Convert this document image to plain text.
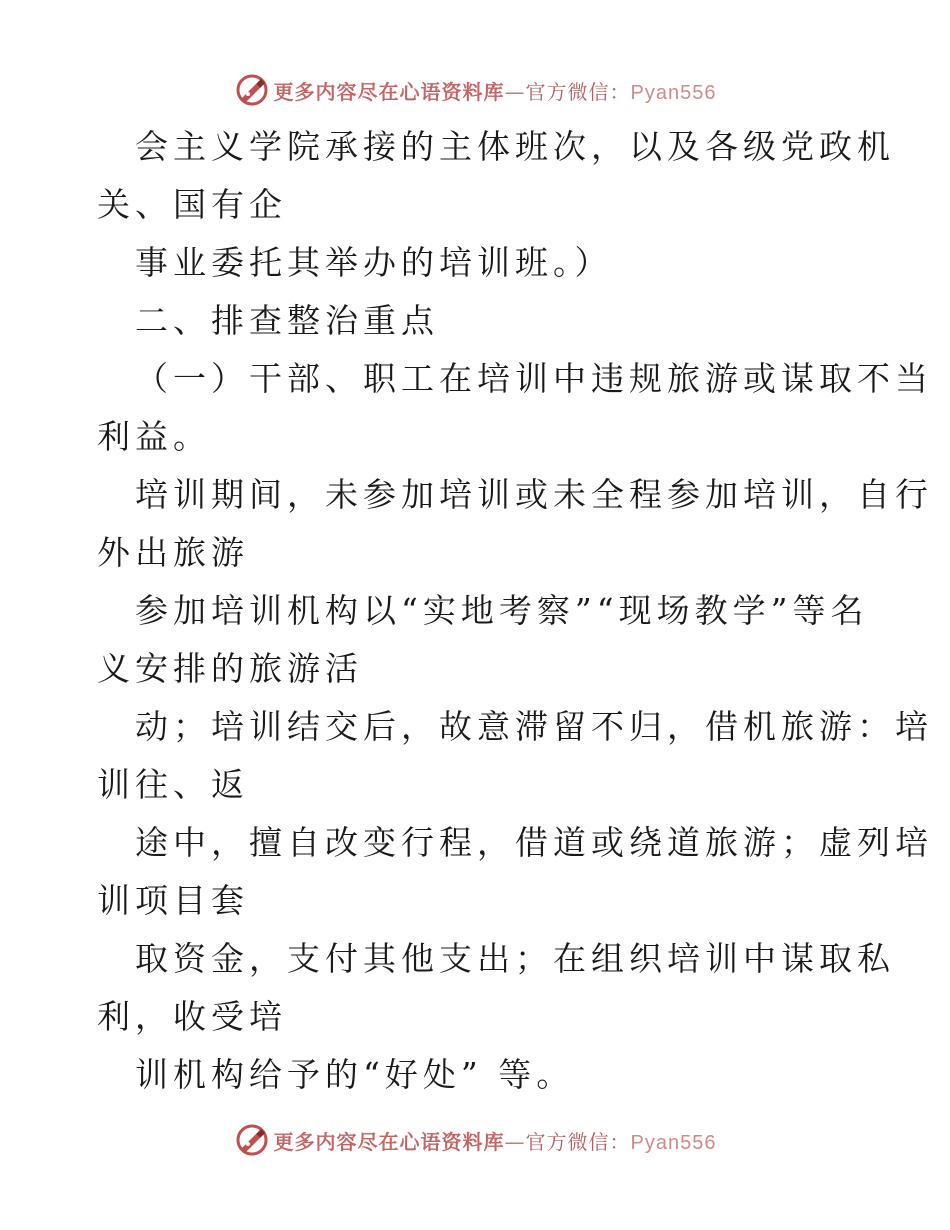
更多内容尽在心语资料库—官方微信：Pyan556
会主义学院承接的主体班次，以及各级党政机
关、国有企
事业委托其举办的培训班。）
二、排查整治重点
（一）干部、职工在培训中违规旅游或谋取不当
利益。
培训期间，未参加培训或未全程参加培训，自行
外出旅游
参加培训机构以“实地考察”“现场教学”等名
义安排的旅游活
动；培训结交后，故意滞留不归，借机旅游：培
训往、返
途中，擅自改变行程，借道或绕道旅游；虚列培
训项目套
取资金，支付其他支出；在组织培训中谋取私
利，收受培
训机构给予的“好处” 等。
更多内容尽在心语资料库—官方微信：Pyan556
